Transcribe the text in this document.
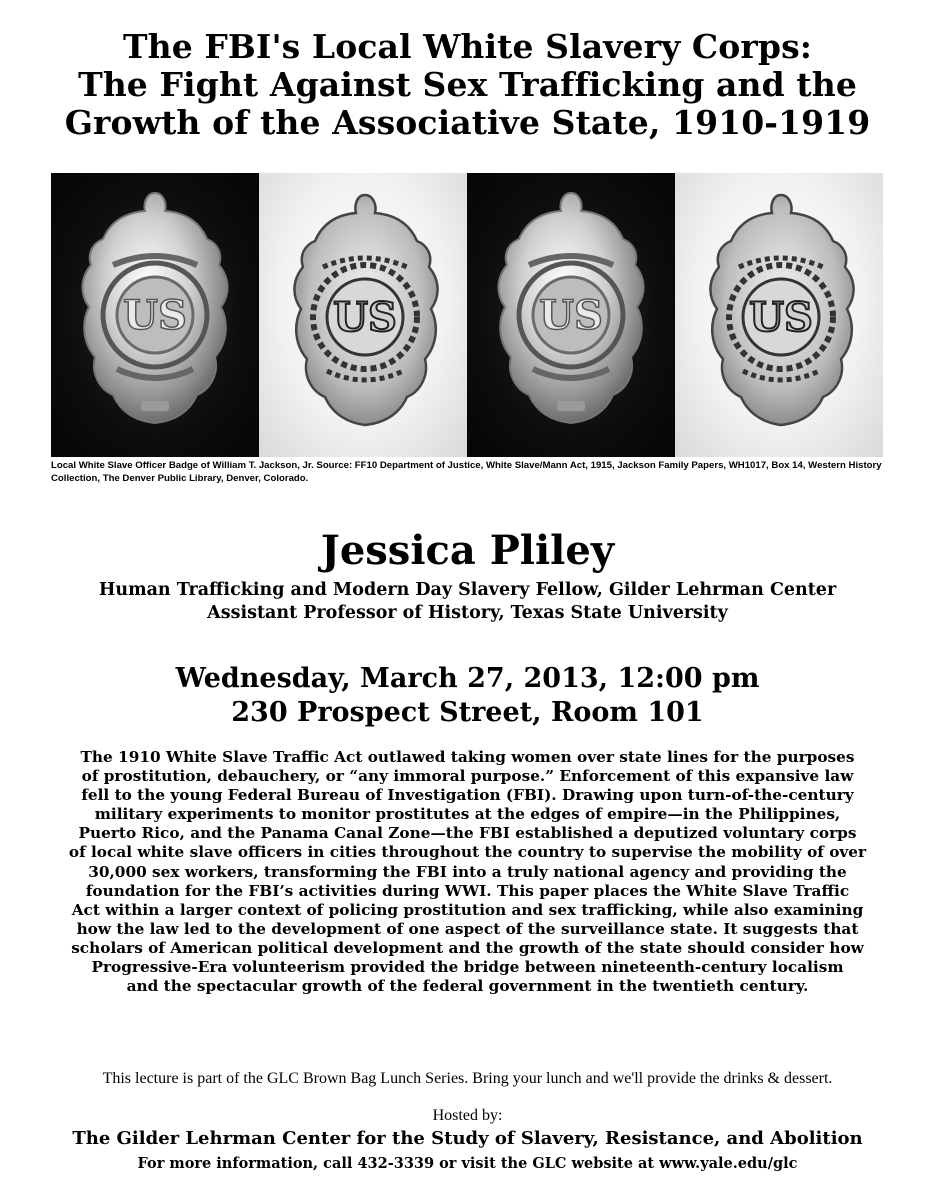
The FBI's Local White Slavery Corps:
The Fight Against Sex Trafficking and the
Growth of the Associative State, 1910-1919
US	US	US	US
Local White Slave Officer Badge of William T. Jackson, Jr. Source: FF10 Department of Justice, White Slave/Mann Act, 1915, Jackson Family Papers, WH1017, Box 14, Western History Collection, The Denver Public Library, Denver, Colorado.
Jessica Pliley
Human Trafficking and Modern Day Slavery Fellow, Gilder Lehrman Center
Assistant Professor of History, Texas State University
Wednesday, March 27, 2013, 12:00 pm
230 Prospect Street, Room 101
The 1910 White Slave Traffic Act outlawed taking women over state lines for the purposes
of prostitution, debauchery, or “any immoral purpose.” Enforcement of this expansive law
fell to the young Federal Bureau of Investigation (FBI). Drawing upon turn-of-the-century
military experiments to monitor prostitutes at the edges of empire—in the Philippines,
Puerto Rico, and the Panama Canal Zone—the FBI established a deputized voluntary corps
of local white slave officers in cities throughout the country to supervise the mobility of over
30,000 sex workers, transforming the FBI into a truly national agency and providing the
foundation for the FBI’s activities during WWI. This paper places the White Slave Traffic
Act within a larger context of policing prostitution and sex trafficking, while also examining
how the law led to the development of one aspect of the surveillance state. It suggests that
scholars of American political development and the growth of the state should consider how
Progressive-Era volunteerism provided the bridge between nineteenth-century localism
and the spectacular growth of the federal government in the twentieth century.
This lecture is part of the GLC Brown Bag Lunch Series. Bring your lunch and we'll provide the drinks & dessert.
Hosted by:
The Gilder Lehrman Center for the Study of Slavery, Resistance, and Abolition
For more information, call 432-3339 or visit the GLC website at www.yale.edu/glc
